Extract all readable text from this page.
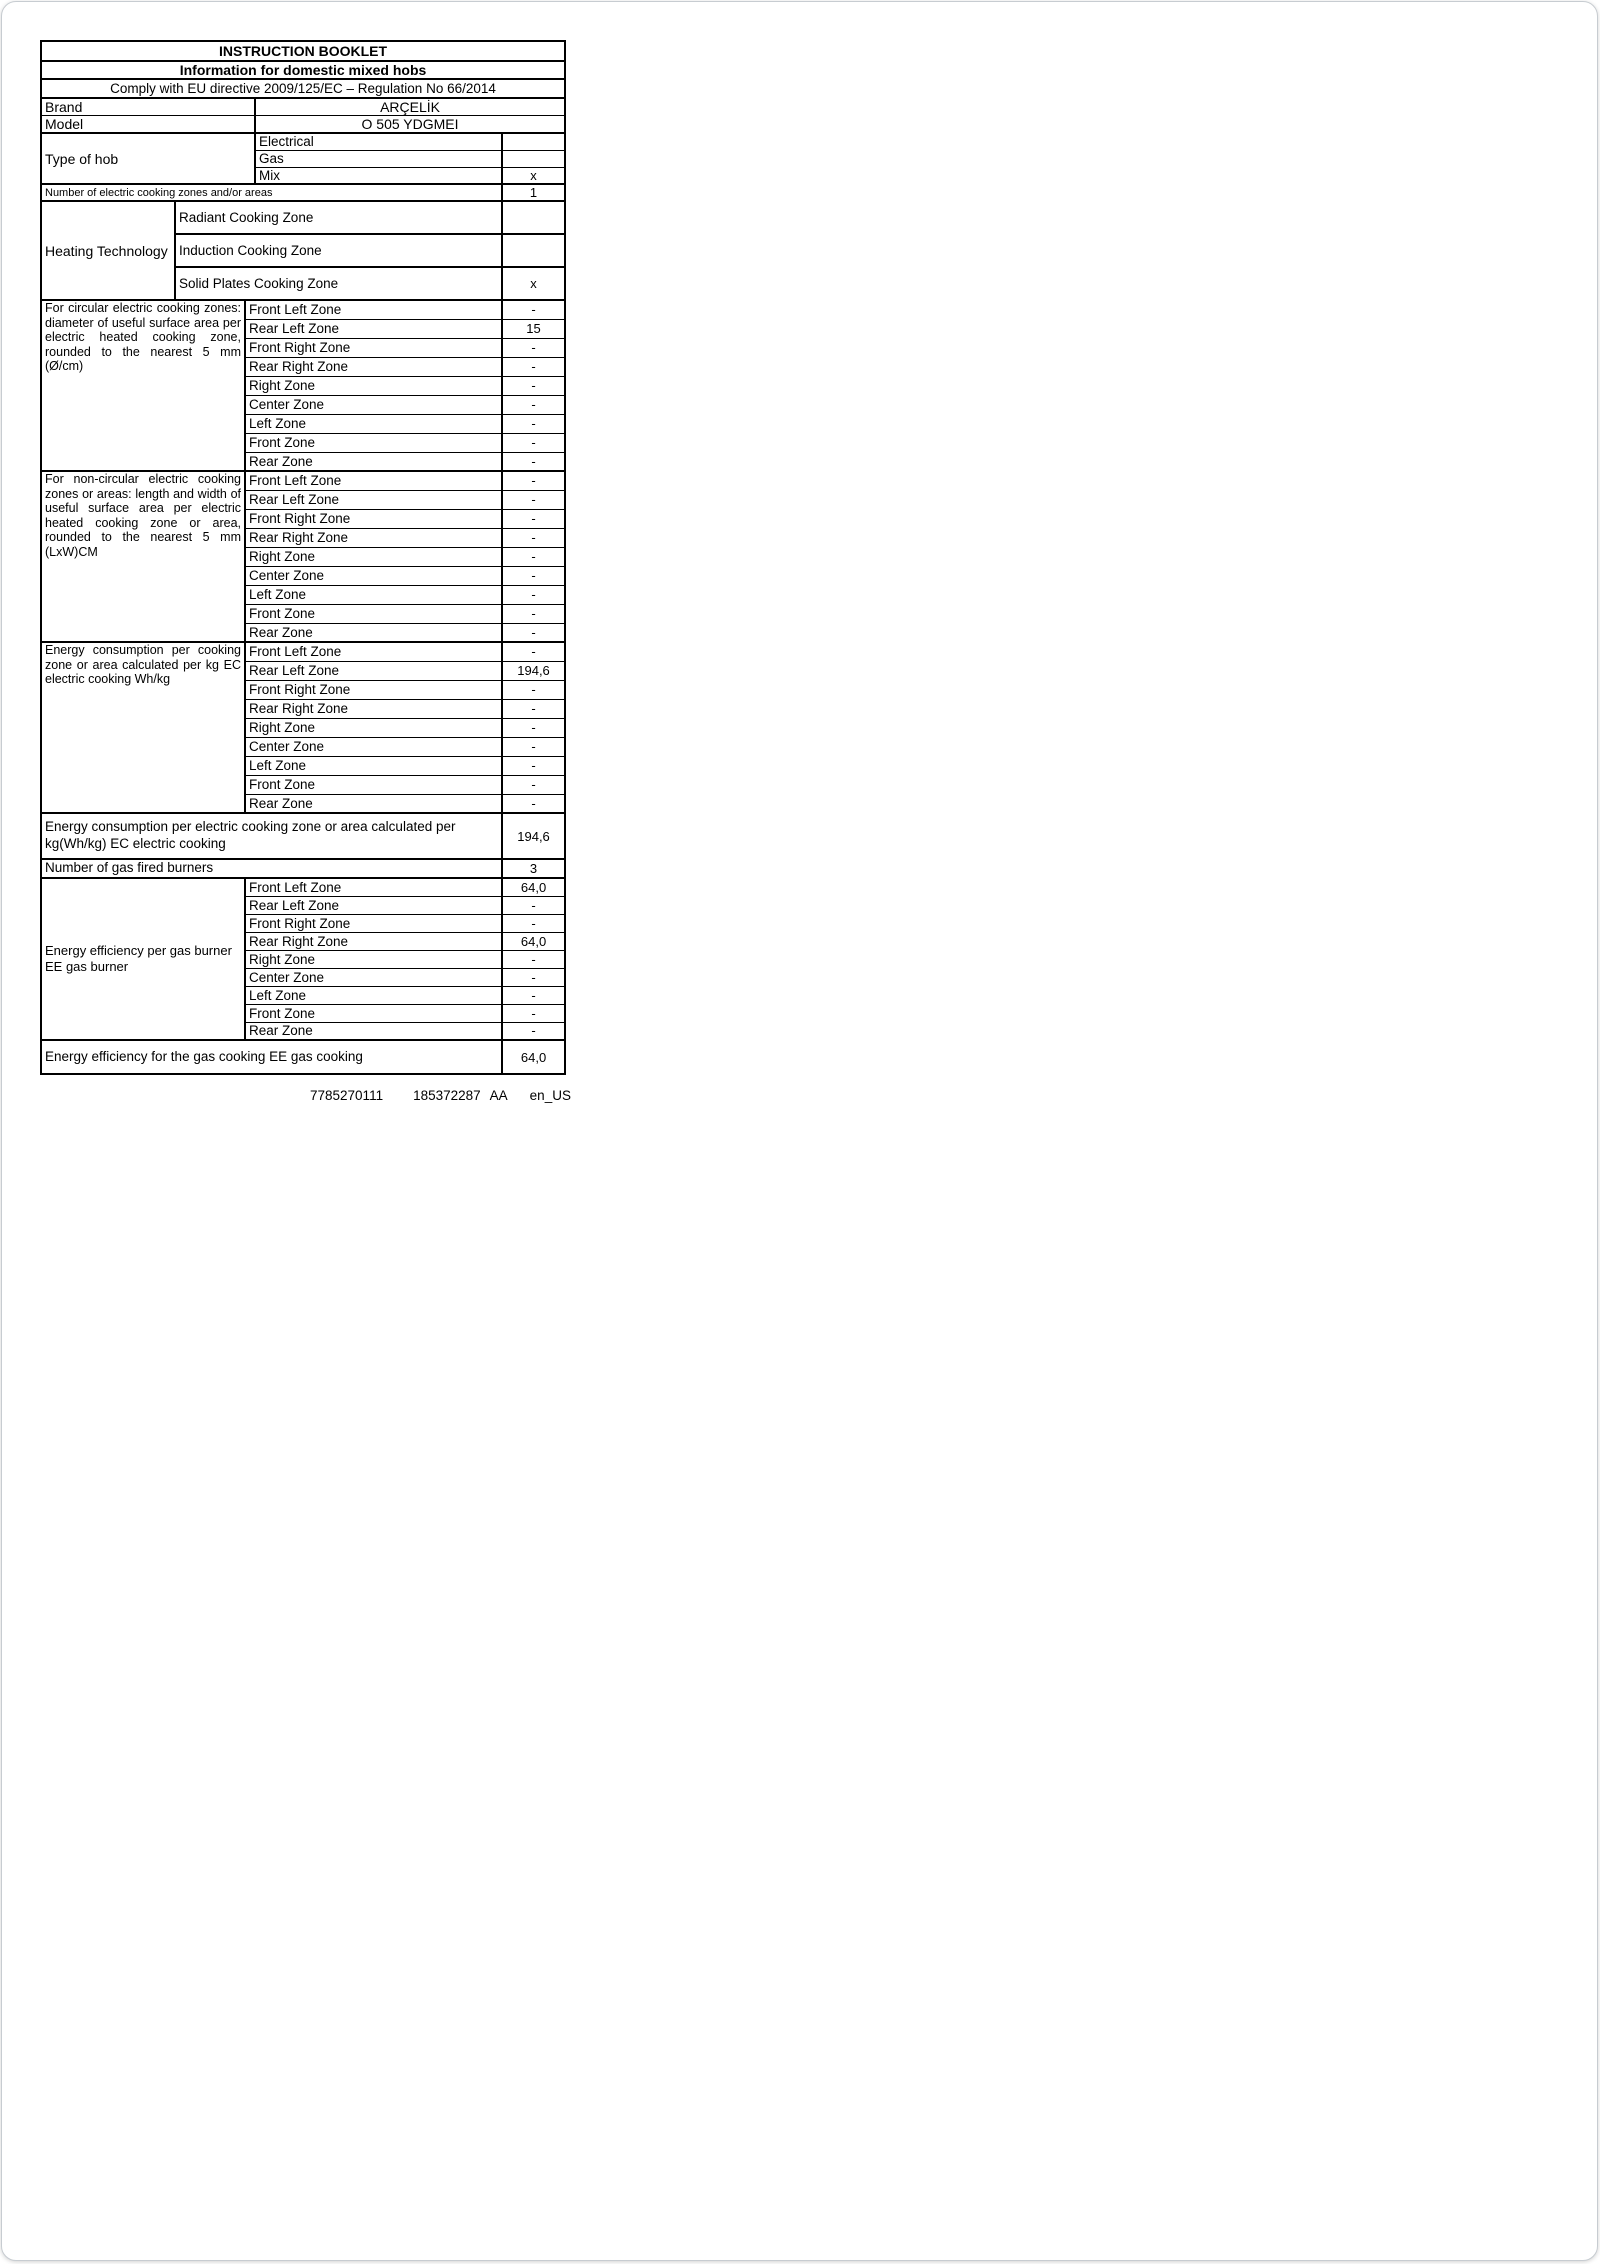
INSTRUCTION BOOKLET				
Information for domestic mixed hobs				
Comply with EU directive 2009/125/EC – Regulation No 66/2014				
Brand			ARÇELİK	
Model			O 505 YDGMEI	
Type of hob			Electrical	
			Gas	
			Mix	x
Number of electric cooking zones and/or areas				1
Heating Technology	Radiant Cooking Zone			
	Induction Cooking Zone			
	Solid Plates Cooking Zone			x
For circular electric cooking zones: diameter of useful surface area per electric heated cooking zone, rounded to the nearest 5 mm (Ø/cm)		Front Left Zone		-
		Rear Left Zone		15
		Front Right Zone		-
		Rear Right Zone		-
		Right Zone		-
		Center Zone		-
		Left Zone		-
		Front Zone		-
		Rear Zone		-
For non-circular electric cooking zones or areas: length and width of useful surface area per electric heated cooking zone or area, rounded to the nearest 5 mm (LxW)CM		Front Left Zone		-
		Rear Left Zone		-
		Front Right Zone		-
		Rear Right Zone		-
		Right Zone		-
		Center Zone		-
		Left Zone		-
		Front Zone		-
		Rear Zone		-
Energy consumption per cooking zone or area calculated per kg EC electric cooking Wh/kg		Front Left Zone		-
		Rear Left Zone		194,6
		Front Right Zone		-
		Rear Right Zone		-
		Right Zone		-
		Center Zone		-
		Left Zone		-
		Front Zone		-
		Rear Zone		-
Energy consumption per electric cooking zone or area calculated per kg(Wh/kg) EC electric cooking				194,6
Number of gas fired burners				3
Energy efficiency per gas burner EE gas burner		Front Left Zone		64,0
		Rear Left Zone		-
		Front Right Zone		-
		Rear Right Zone		64,0
		Right Zone		-
		Center Zone		-
		Left Zone		-
		Front Zone		-
		Rear Zone		-
Energy efficiency for the gas cooking EE gas cooking				64,0
7785270111 185372287 AA en_US
